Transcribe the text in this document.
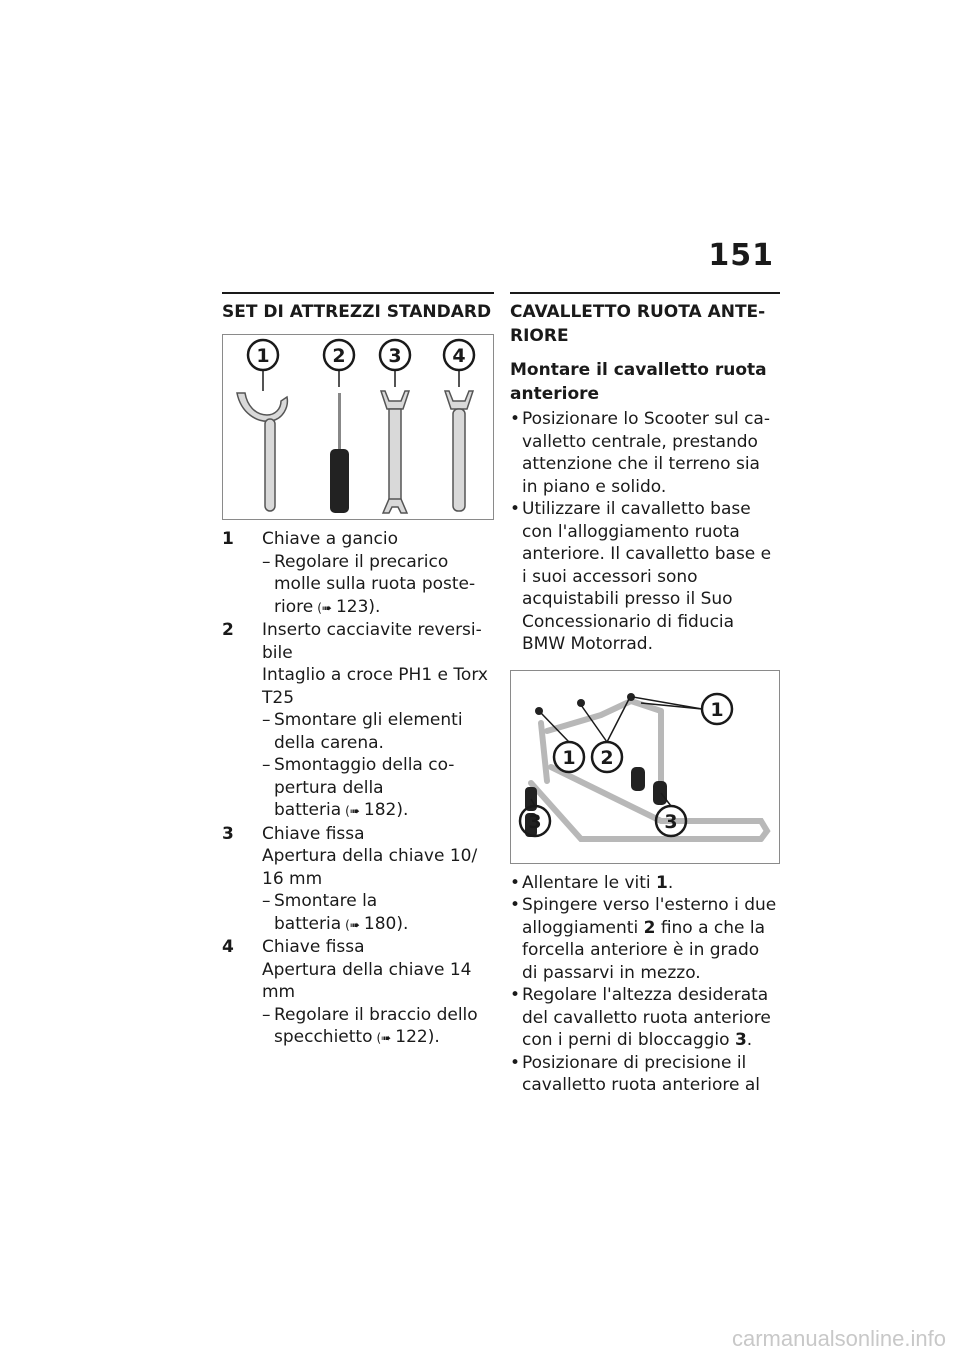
151
SET DI ATTREZZI STANDARD
1	2 3	4
1	Chiave a gancio
– Regolare il precarico molle sulla ruota poste-riore (➠ 123).
2	Inserto cacciavite reversi-bile
Intaglio a croce PH1 e Torx T25
– Smontare gli elementi della carena.
– Smontaggio della co-pertura della batteria (➠ 182).
3	Chiave fissa
Apertura della chiave 10/ 16 mm
– Smontare la batteria (➠ 180).
4	Chiave fissa
Apertura della chiave 14 mm
– Regolare il braccio dello specchietto (➠ 122).
CAVALLETTO RUOTA ANTE-RIORE
Montare il cavalletto ruota anteriore
• Posizionare lo Scooter sul ca-valletto centrale, prestando attenzione che il terreno sia in piano e solido.
• Utilizzare il cavalletto base con l'alloggiamento ruota anteriore. Il cavalletto base e i suoi accessori sono acquistabili presso il Suo Concessionario di fiducia BMW Motorrad.
1
1 2
3	3
• Allentare le viti 1.
• Spingere verso l'esterno i due alloggiamenti 2 fino a che la forcella anteriore è in grado di passarvi in mezzo.
• Regolare l'altezza desiderata del cavalletto ruota anteriore con i perni di bloccaggio 3.
• Posizionare di precisione il cavalletto ruota anteriore al
carmanualsonline.info
